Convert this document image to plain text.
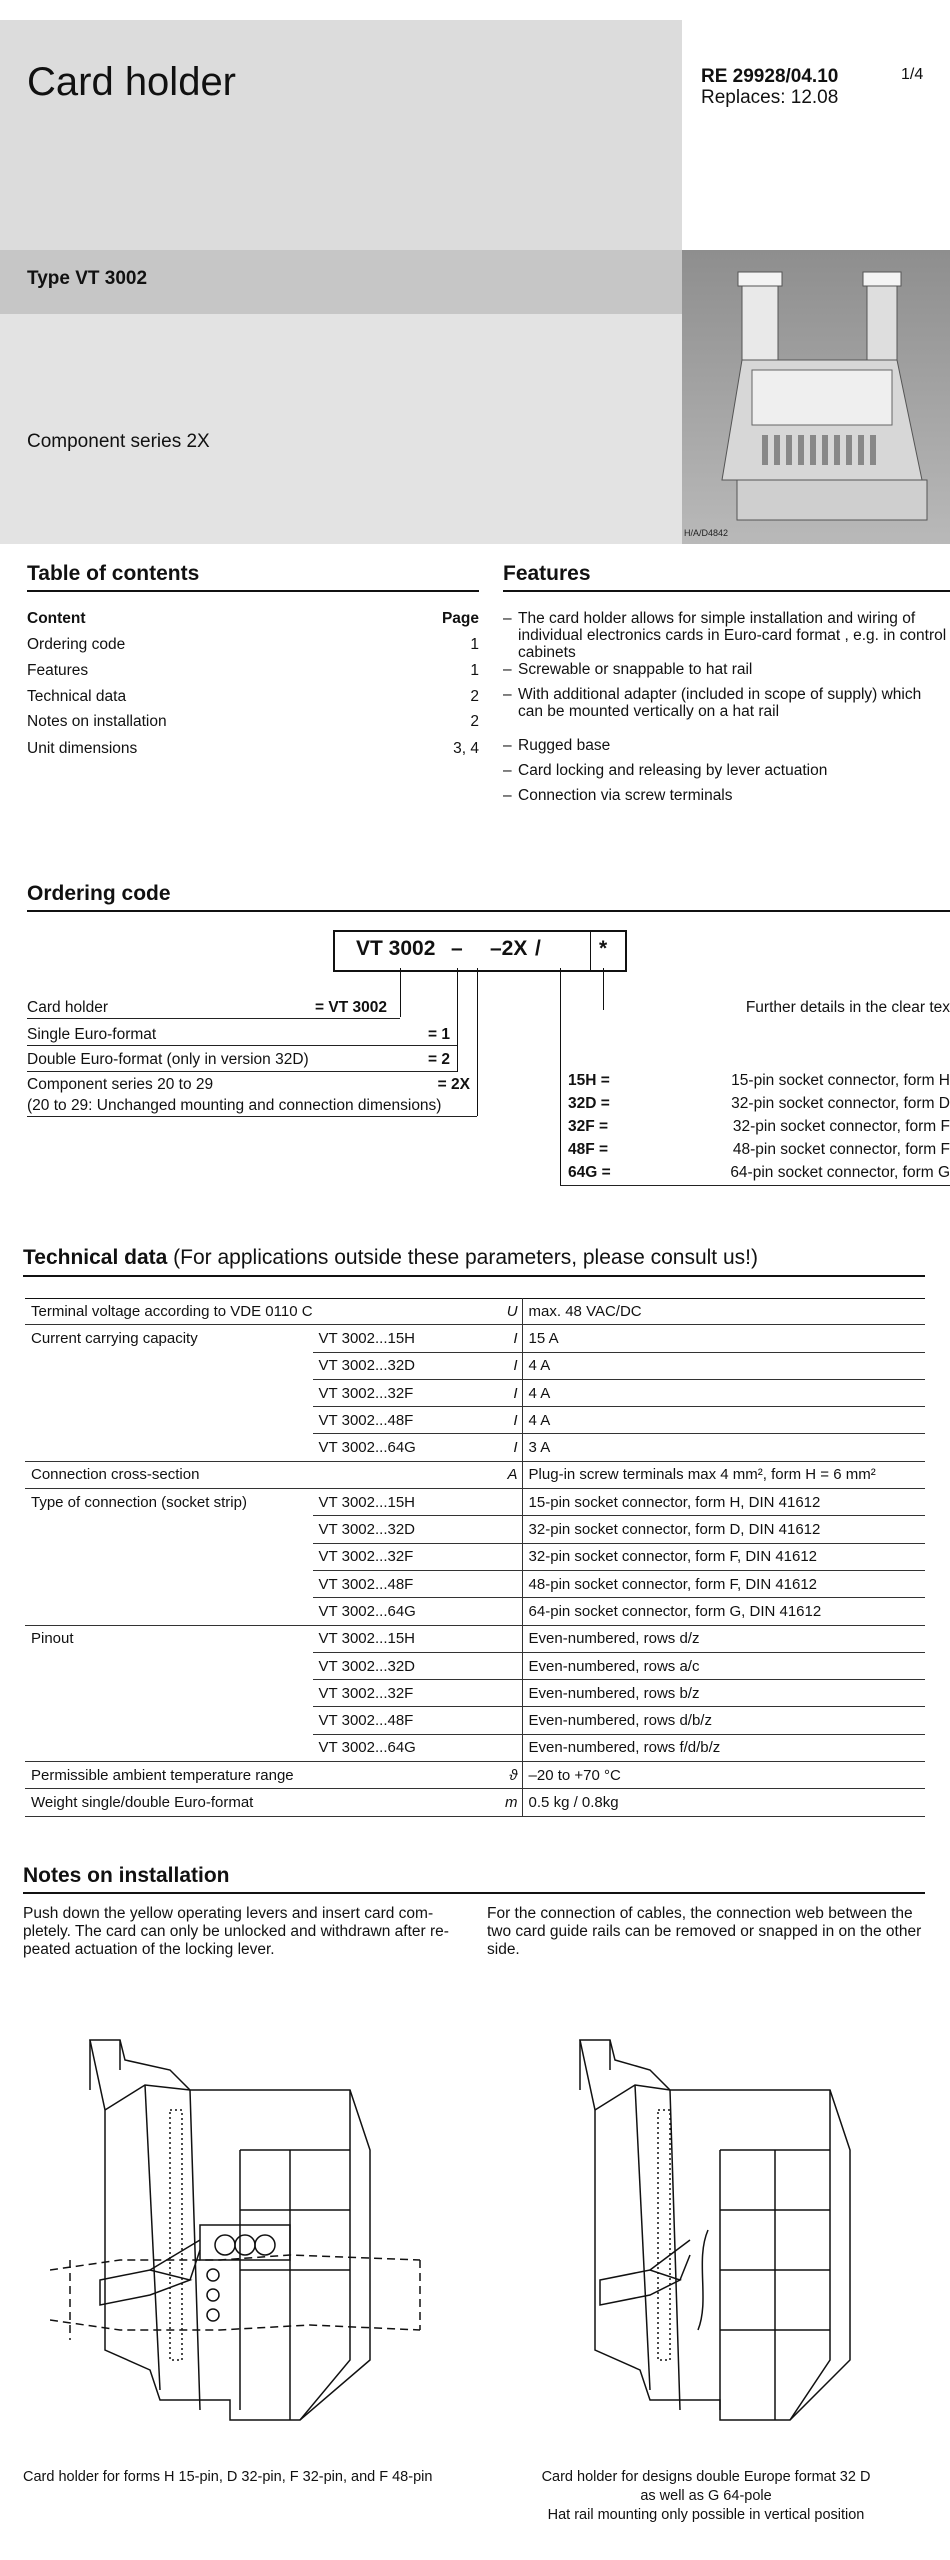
Card holder	RE 29928/04.10
Replaces: 12.08
1/4
Type VT 3002
Component series 2X
H/A/D4842
Table of contents
Content	Page
Ordering code	1
Features	1
Technical data	2
Notes on installation	2
Unit dimensions	3, 4
Features
– The card holder allows for simple installation and wiring of individual electronics cards in Euro-card format , e.g. in control cabinets
– Screwable or snappable to hat rail
– With additional adapter (included in scope of supply) which can be mounted vertically on a hat rail
– Rugged base
– Card locking and releasing by lever actuation
– Connection via screw terminals
Ordering code
VT 3002 – –2X /	*
Further details in the clear tex
Card holder	= VT 3002
Single Euro-format	= 1
Double Euro-format (only in version 32D)	= 2
Component series 20 to 29	= 2X
(20 to 29: Unchanged mounting and connection dimensions)
15H =	15-pin socket connector, form H
32D =	32-pin socket connector, form D
32F =	32-pin socket connector, form F
48F =	48-pin socket connector, form F
64G =	64-pin socket connector, form G
Technical data (For applications outside these parameters, please consult us!)
Terminal voltage according to VDE 0110 C		U	max. 48 VAC/DC
Current carrying capacity	VT 3002...15H	I	15 A
	VT 3002...32D	I	4 A
	VT 3002...32F	I	4 A
	VT 3002...48F	I	4 A
	VT 3002...64G	I	3 A
Connection cross-section		A	Plug-in screw terminals max 4 mm², form H = 6 mm²
Type of connection (socket strip)	VT 3002...15H		15-pin socket connector, form H, DIN 41612
	VT 3002...32D		32-pin socket connector, form D, DIN 41612
	VT 3002...32F		32-pin socket connector, form F, DIN 41612
	VT 3002...48F		48-pin socket connector, form F, DIN 41612
	VT 3002...64G		64-pin socket connector, form G, DIN 41612
Pinout	VT 3002...15H		Even-numbered, rows d/z
	VT 3002...32D		Even-numbered, rows a/c
	VT 3002...32F		Even-numbered, rows b/z
	VT 3002...48F		Even-numbered, rows d/b/z
	VT 3002...64G		Even-numbered, rows f/d/b/z
Permissible ambient temperature range		ϑ	–20 to +70 °C
Weight single/double Euro-format		m	0.5 kg / 0.8kg
Notes on installation
Push down the yellow operating levers and insert card completely. The card can only be unlocked and withdrawn after repeated actuation of the locking lever.
For the connection of cables, the connection web between the two card guide rails can be removed or snapped in on the other side.
Card holder for forms H 15-pin, D 32-pin, F 32-pin, and F 48-pin	Card holder for designs double Europe format 32 D
as well as G 64-pole
Hat rail mounting only possible in vertical position
